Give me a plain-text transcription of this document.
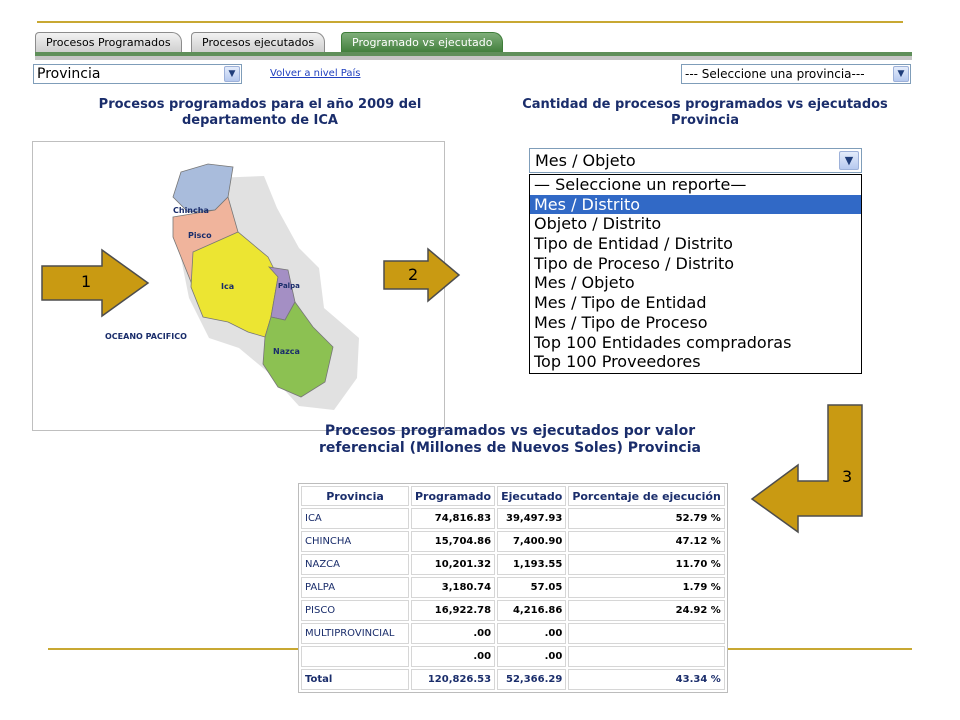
Procesos Programados	Procesos ejecutados	Programado vs ejecutado
Provincia	▼	Volver a nivel País	--- Seleccione una provincia---	▼
Procesos programados para el año 2009 del departamento de ICA
Cantidad de procesos programados vs ejecutados Provincia
Chincha
Pisco
Ica	Palpa
Nazca
OCEANO PACIFICO
1	2
3
Mes / Objeto	▼
— Seleccione un reporte—
Mes / Distrito
Objeto / Distrito
Tipo de Entidad / Distrito
Tipo de Proceso / Distrito
Mes / Objeto
Mes / Tipo de Entidad
Mes / Tipo de Proceso
Top 100 Entidades compradoras
Top 100 Proveedores
Procesos programados vs ejecutados por valor referencial (Millones de Nuevos Soles) Provincia
Provincia	Programado	Ejecutado	Porcentaje de ejecución
ICA	74,816.83	39,497.93	52.79 %
CHINCHA	15,704.86	7,400.90	47.12 %
NAZCA	10,201.32	1,193.55	11.70 %
PALPA	3,180.74	57.05	1.79 %
PISCO	16,922.78	4,216.86	24.92 %
MULTIPROVINCIAL	.00	.00	
	.00	.00	
Total	120,826.53	52,366.29	43.34 %
